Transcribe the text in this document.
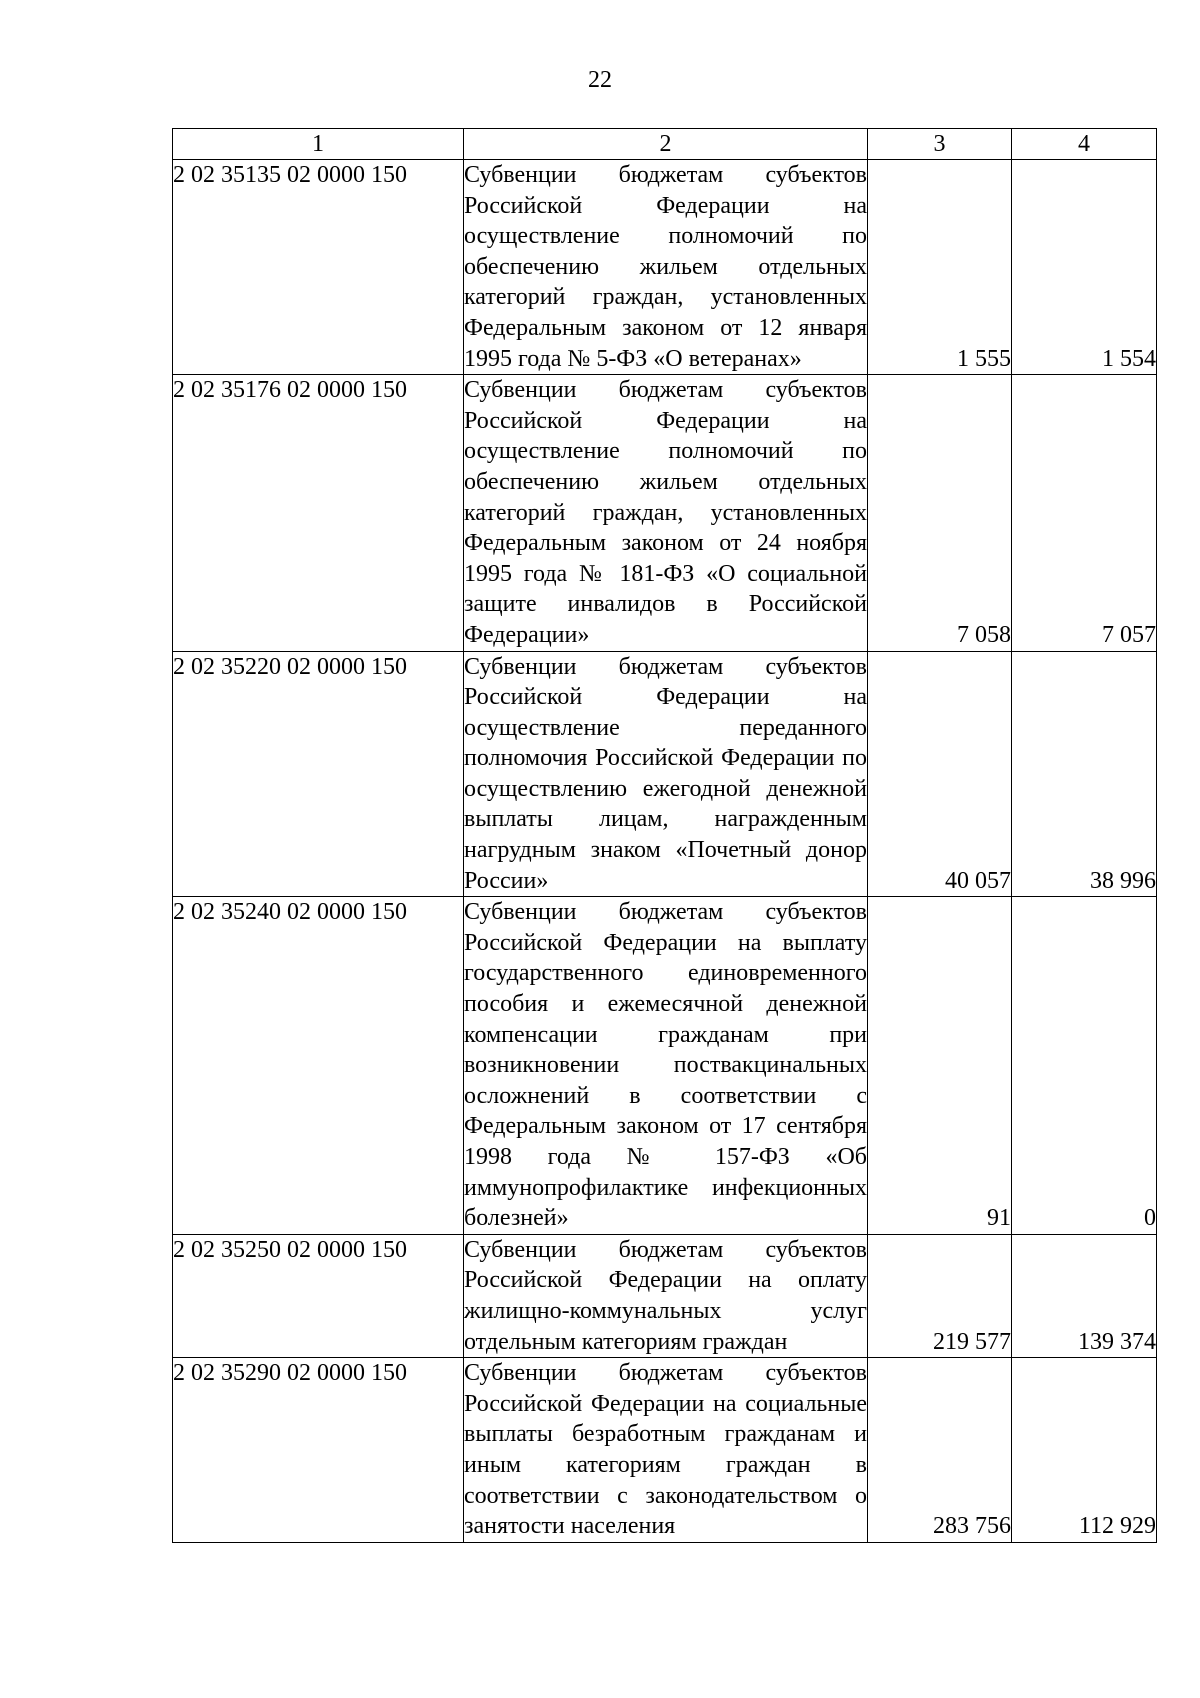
22
1	2	3	4
2 02 35135 02 0000 150	Субвенции бюджетам субъектов Российской Федерации на осуществление полномочий по обеспечению жильем отдельных категорий граждан, установленных Федеральным законом от 12 января 1995 года № 5-ФЗ «О ветеранах»	1 555	1 554
2 02 35176 02 0000 150	Субвенции бюджетам субъектов Российской Федерации на осуществление полномочий по обеспечению жильем отдельных категорий граждан, установленных Федеральным законом от 24 ноября 1995 года № 181-ФЗ «О социальной защите инвалидов в Российской Федерации»	7 058	7 057
2 02 35220 02 0000 150	Субвенции бюджетам субъектов Российской Федерации на осуществление переданного полномочия Российской Федерации по осуществлению ежегодной денежной выплаты лицам, награжденным нагрудным знаком «Почетный донор России»	40 057	38 996
2 02 35240 02 0000 150	Субвенции бюджетам субъектов Российской Федерации на выплату государственного единовременного пособия и ежемесячной денежной компенсации гражданам при возникновении поствакцинальных осложнений в соответствии с Федеральным законом от 17 сентября 1998 года № 157-ФЗ «Об иммунопрофилактике инфекционных болезней»	91	0
2 02 35250 02 0000 150	Субвенции бюджетам субъектов Российской Федерации на оплату жилищно-коммунальных услуг отдельным категориям граждан	219 577	139 374
2 02 35290 02 0000 150	Субвенции бюджетам субъектов Российской Федерации на социальные выплаты безработным гражданам и иным категориям граждан в соответствии с законодательством о занятости населения	283 756	112 929
